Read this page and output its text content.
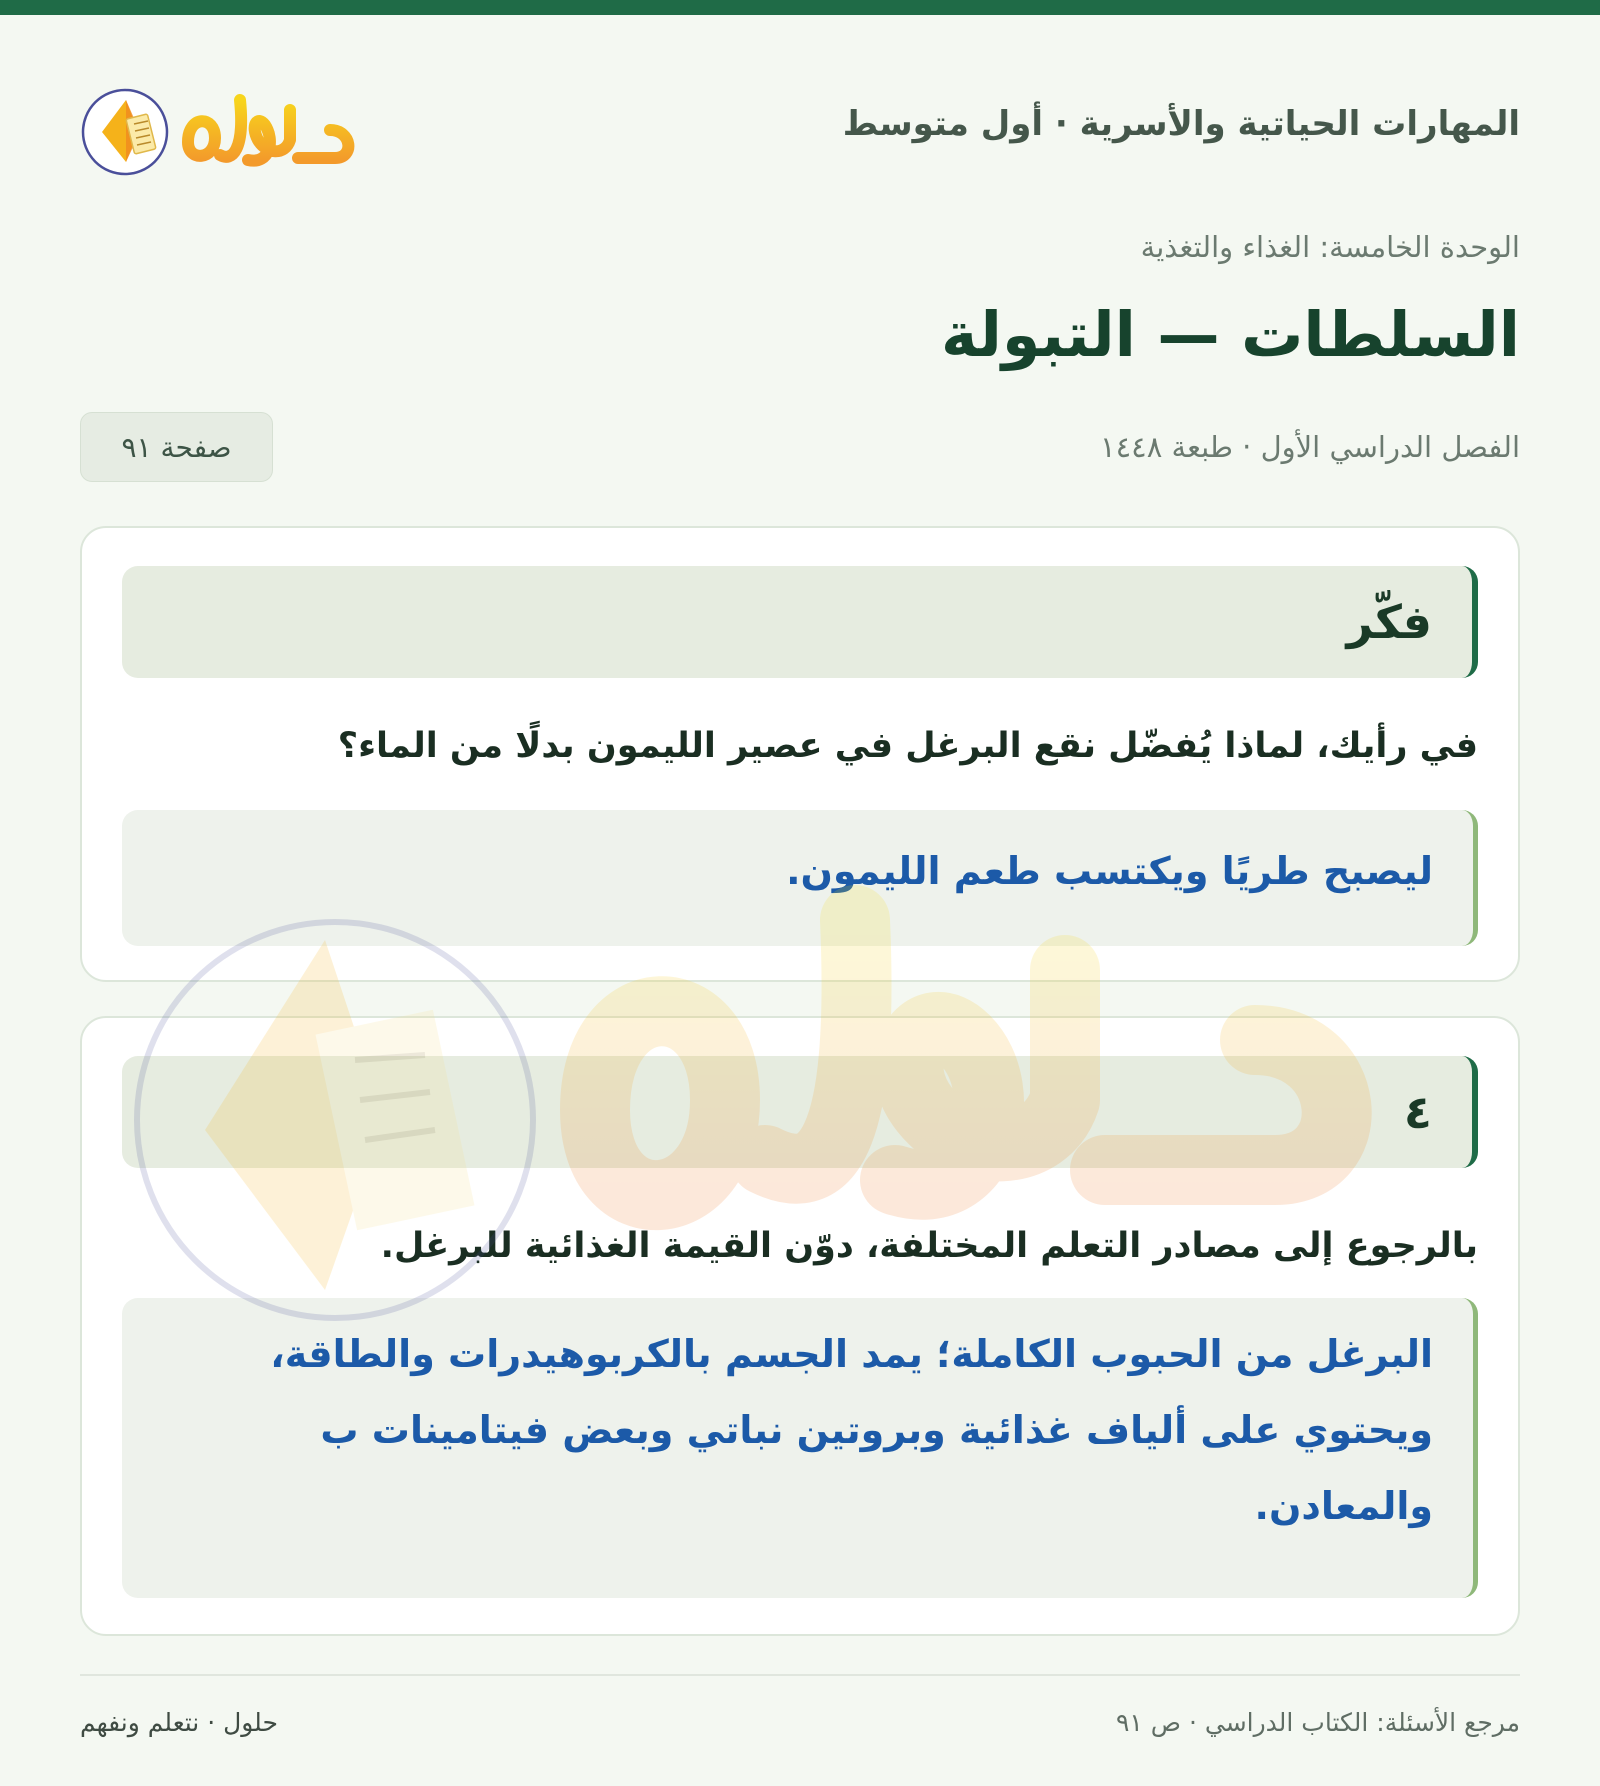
المهارات الحياتية والأسرية · أول متوسط
حلول
الوحدة الخامسة: الغذاء والتغذية
السلطات — التبولة
الفصل الدراسي الأول · طبعة ١٤٤٨
صفحة ٩١
فكّر
في رأيك، لماذا يُفضّل نقع البرغل في عصير الليمون بدلًا من الماء؟
ليصبح طريًا ويكتسب طعم الليمون.
٤
بالرجوع إلى مصادر التعلم المختلفة، دوّن القيمة الغذائية للبرغل.
البرغل من الحبوب الكاملة؛ يمد الجسم بالكربوهيدرات والطاقة، ويحتوي على ألياف غذائية وبروتين نباتي وبعض فيتامينات ب والمعادن.
مرجع الأسئلة: الكتاب الدراسي · ص ٩١
حلول · نتعلم ونفهم
